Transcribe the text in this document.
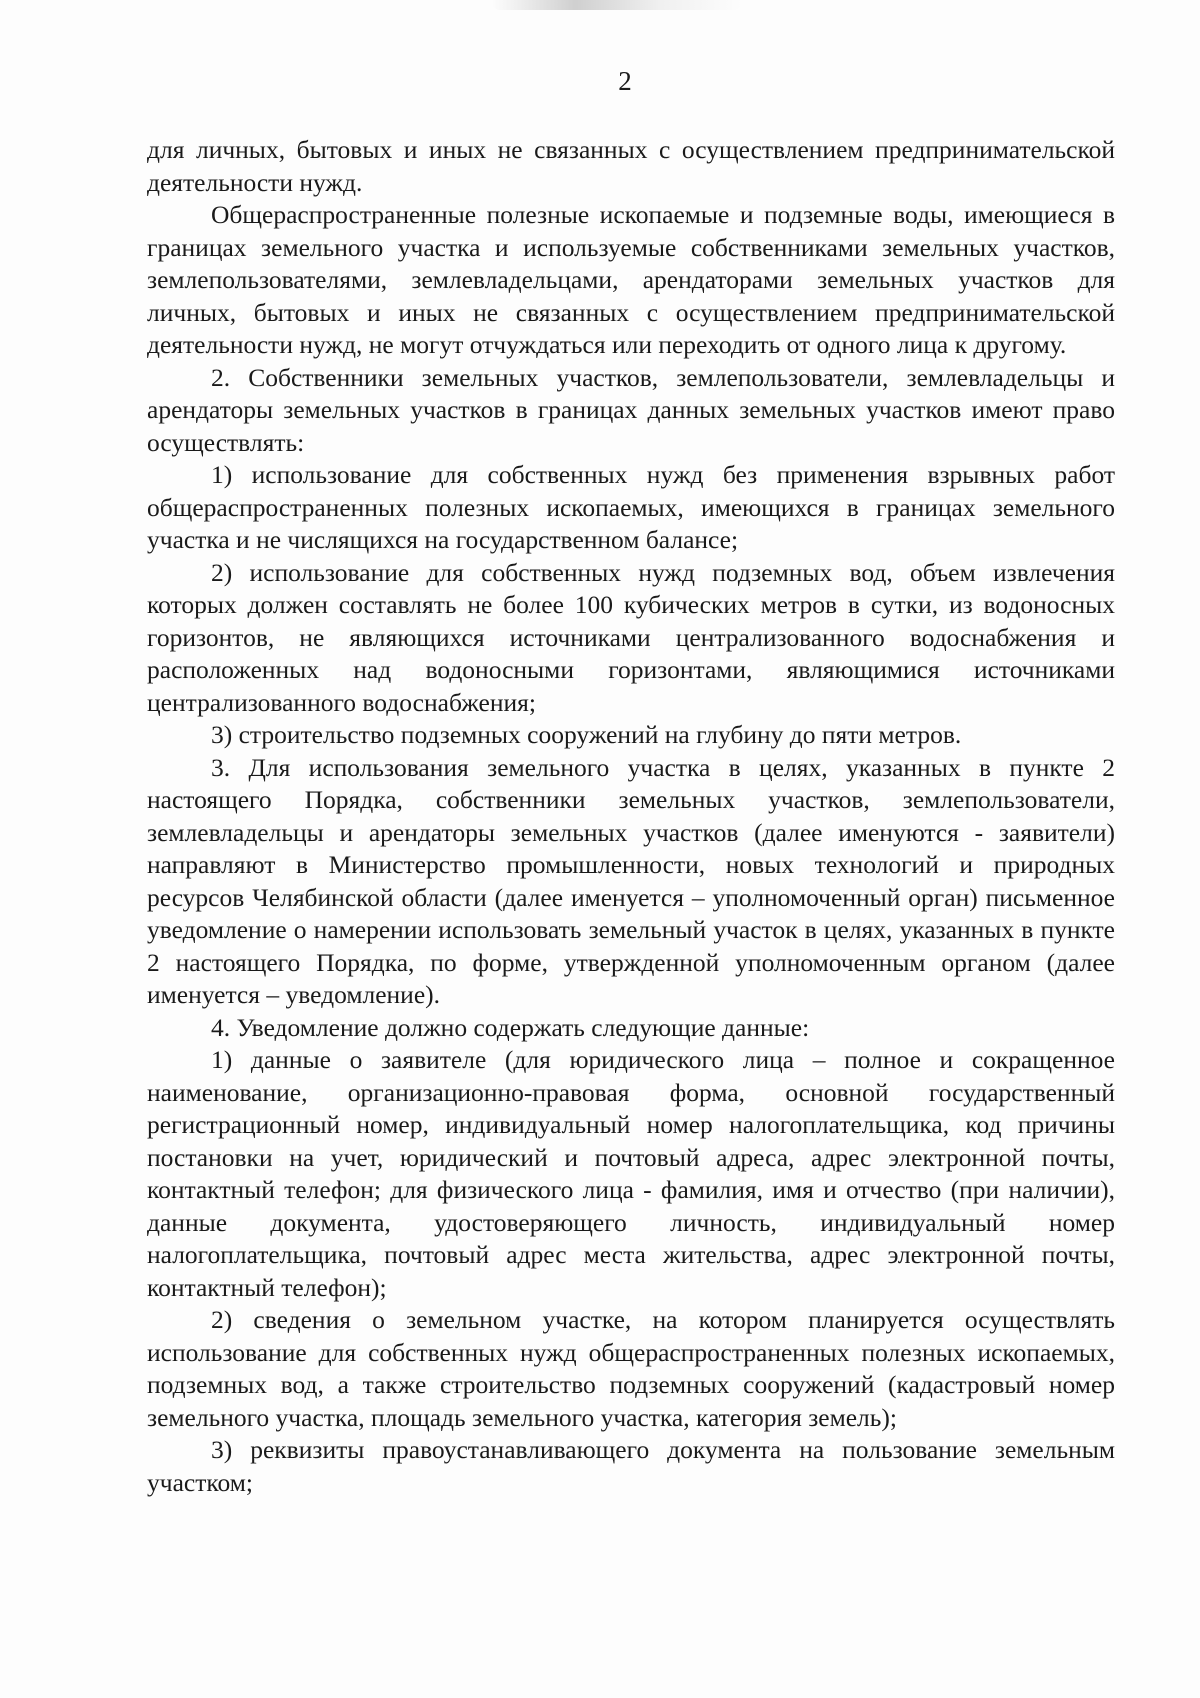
2

для личных, бытовых и иных не связанных с осуществлением предпринимательской деятельности нужд.

Общераспространенные полезные ископаемые и подземные воды, имеющиеся в границах земельного участка и используемые собственниками земельных участков, землепользователями, землевладельцами, арендаторами земельных участков для личных, бытовых и иных не связанных с осуществлением предпринимательской деятельности нужд, не могут отчуждаться или переходить от одного лица к другому.

2. Собственники земельных участков, землепользователи, землевладельцы и арендаторы земельных участков в границах данных земельных участков имеют право осуществлять:

1) использование для собственных нужд без применения взрывных работ общераспространенных полезных ископаемых, имеющихся в границах земельного участка и не числящихся на государственном балансе;

2) использование для собственных нужд подземных вод, объем извлечения которых должен составлять не более 100 кубических метров в сутки, из водоносных горизонтов, не являющихся источниками централизованного водоснабжения и расположенных над водоносными горизонтами, являющимися источниками централизованного водоснабжения;

3) строительство подземных сооружений на глубину до пяти метров.

3. Для использования земельного участка в целях, указанных в пункте 2 настоящего Порядка, собственники земельных участков, землепользователи, землевладельцы и арендаторы земельных участков (далее именуются - заявители) направляют в Министерство промышленности, новых технологий и природных ресурсов Челябинской области (далее именуется – уполномоченный орган) письменное уведомление о намерении использовать земельный участок в целях, указанных в пункте 2 настоящего Порядка, по форме, утвержденной уполномоченным органом (далее именуется – уведомление).

4. Уведомление должно содержать следующие данные:

1) данные о заявителе (для юридического лица – полное и сокращенное наименование, организационно-правовая форма, основной государственный регистрационный номер, индивидуальный номер налогоплательщика, код причины постановки на учет, юридический и почтовый адреса, адрес электронной почты, контактный телефон; для физического лица - фамилия, имя и отчество (при наличии), данные документа, удостоверяющего личность, индивидуальный номер налогоплательщика, почтовый адрес места жительства, адрес электронной почты, контактный телефон);

2) сведения о земельном участке, на котором планируется осуществлять использование для собственных нужд общераспространенных полезных ископаемых, подземных вод, а также строительство подземных сооружений (кадастровый номер земельного участка, площадь земельного участка, категория земель);

3) реквизиты правоустанавливающего документа на пользование земельным участком;
